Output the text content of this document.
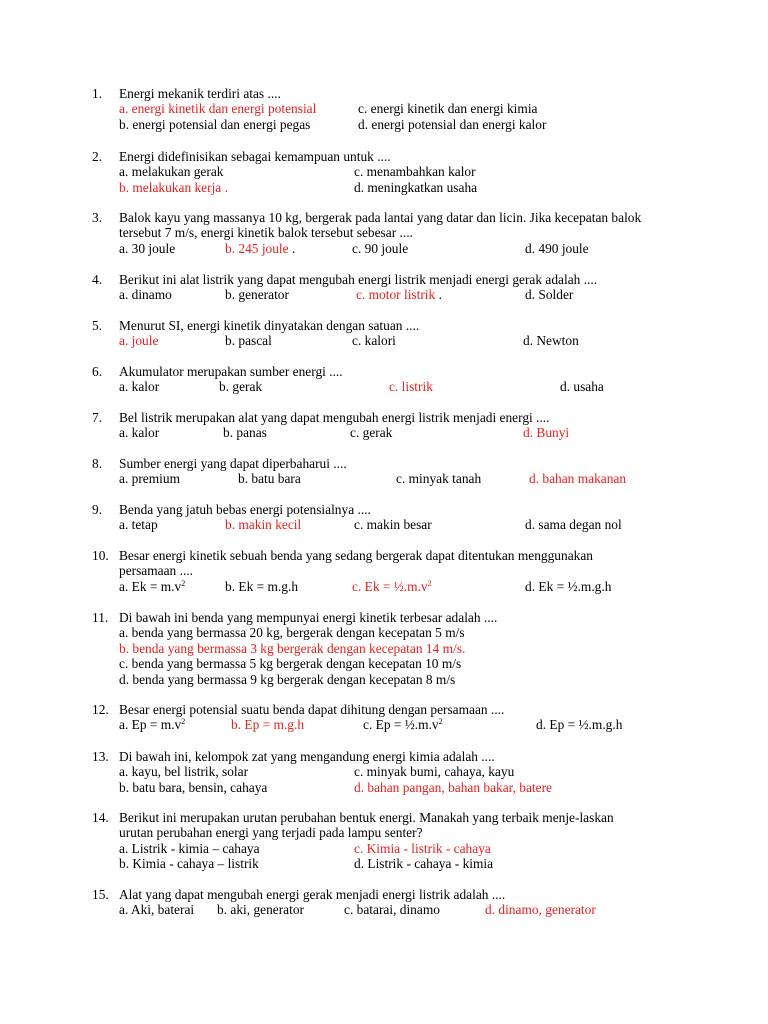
1. Energi mekanik terdiri atas ....
a. energi kinetik dan energi potensial	c. energi kinetik dan energi kimia
b. energi potensial dan energi pegas	d. energi potensial dan energi kalor
2. Energi didefinisikan sebagai kemampuan untuk ....
a. melakukan gerak	c. menambahkan kalor
b. melakukan kerja .	d. meningkatkan usaha
3. Balok kayu yang massanya 10 kg, bergerak pada lantai yang datar dan licin. Jika kecepatan balok
tersebut 7 m/s, energi kinetik balok tersebut sebesar ....
a. 30 joule	b. 245 joule .	c. 90 joule	d. 490 joule
4. Berikut ini alat listrik yang dapat mengubah energi listrik menjadi energi gerak adalah ....
a. dinamo	b. generator	c. motor listrik .	d. Solder
5. Menurut SI, energi kinetik dinyatakan dengan satuan ....
a. joule	b. pascal	c. kalori	d. Newton
6. Akumulator merupakan sumber energi ....
a. kalor	b. gerak	c. listrik	d. usaha
7. Bel listrik merupakan alat yang dapat mengubah energi listrik menjadi energi ....
a. kalor	b. panas	c. gerak	d. Bunyi
8. Sumber energi yang dapat diperbaharui ....
a. premium	b. batu bara	c. minyak tanah	d. bahan makanan
9. Benda yang jatuh bebas energi potensialnya ....
a. tetap	b. makin kecil	c. makin besar	d. sama degan nol
10. Besar energi kinetik sebuah benda yang sedang bergerak dapat ditentukan menggunakan
persamaan ....
a. $Ek = m.v^2$	b. Ek = m.g.h	c. $Ek = \frac{1}{2}.m.v^2$	d. Ek = ½.m.g.h
11. Di bawah ini benda yang mempunyai energi kinetik terbesar adalah ....
a. benda yang bermassa 20 kg, bergerak dengan kecepatan 5 m/s
b. benda yang bermassa 3 kg bergerak dengan kecepatan 14 m/s.
c. benda yang bermassa 5 kg bergerak dengan kecepatan 10 m/s
d. benda yang bermassa 9 kg bergerak dengan kecepatan 8 m/s
12. Besar energi potensial suatu benda dapat dihitung dengan persamaan ....
a. $Ep = m.v^2$	b. Ep = m.g.h	c. $Ep = \frac{1}{2}.m.v^2$	d. Ep = ½.m.g.h
13. Di bawah ini, kelompok zat yang mengandung energi kimia adalah ....
a. kayu, bel listrik, solar	c. minyak bumi, cahaya, kayu
b. batu bara, bensin, cahaya	d. bahan pangan, bahan bakar, batere
14. Berikut ini merupakan urutan perubahan bentuk energi. Manakah yang terbaik menje-laskan
urutan perubahan energi yang terjadi pada lampu senter?
a. Listrik - kimia – cahaya	c. Kimia - listrik - cahaya
b. Kimia - cahaya – listrik	d. Listrik - cahaya - kimia
15. Alat yang dapat mengubah energi gerak menjadi energi listrik adalah ....
a. Aki, baterai b. aki, generator	c. batarai, dinamo	d. dinamo, generator
